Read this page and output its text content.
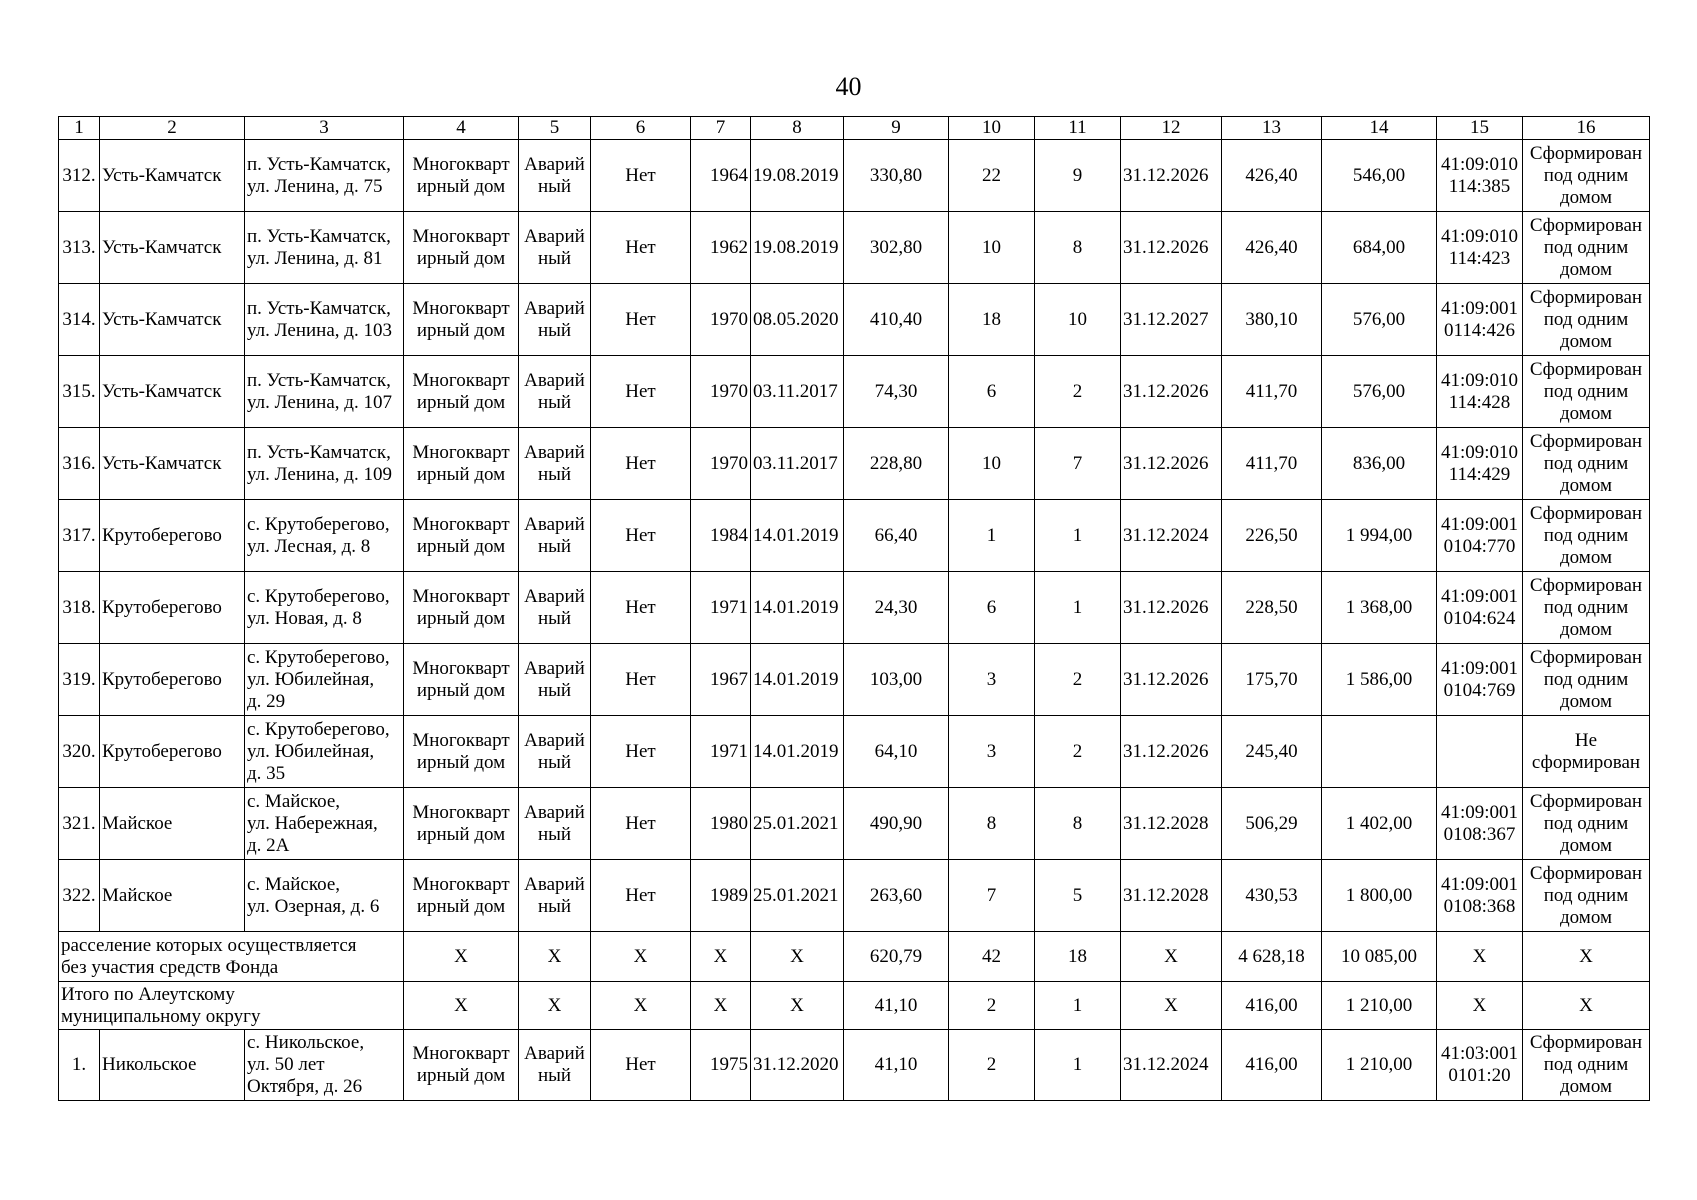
40
1	2	3	4	5	6	7	8	9	10	11	12	13	14	15	16
312.	Усть-Камчатск	п. Усть-Камчатск,
ул. Ленина, д. 75	Многокварт
ирный дом	Аварий
ный	Нет	1964	19.08.2019	330,80	22	9	31.12.2026	426,40	546,00	41:09:010
114:385	Сформирован
под одним
домом
313.	Усть-Камчатск	п. Усть-Камчатск,
ул. Ленина, д. 81	Многокварт
ирный дом	Аварий
ный	Нет	1962	19.08.2019	302,80	10	8	31.12.2026	426,40	684,00	41:09:010
114:423	Сформирован
под одним
домом
314.	Усть-Камчатск	п. Усть-Камчатск,
ул. Ленина, д. 103	Многокварт
ирный дом	Аварий
ный	Нет	1970	08.05.2020	410,40	18	10	31.12.2027	380,10	576,00	41:09:001
0114:426	Сформирован
под одним
домом
315.	Усть-Камчатск	п. Усть-Камчатск,
ул. Ленина, д. 107	Многокварт
ирный дом	Аварий
ный	Нет	1970	03.11.2017	74,30	6	2	31.12.2026	411,70	576,00	41:09:010
114:428	Сформирован
под одним
домом
316.	Усть-Камчатск	п. Усть-Камчатск,
ул. Ленина, д. 109	Многокварт
ирный дом	Аварий
ный	Нет	1970	03.11.2017	228,80	10	7	31.12.2026	411,70	836,00	41:09:010
114:429	Сформирован
под одним
домом
317.	Крутоберегово	с. Крутоберегово,
ул. Лесная, д. 8	Многокварт
ирный дом	Аварий
ный	Нет	1984	14.01.2019	66,40	1	1	31.12.2024	226,50	1 994,00	41:09:001
0104:770	Сформирован
под одним
домом
318.	Крутоберегово	с. Крутоберегово,
ул. Новая, д. 8	Многокварт
ирный дом	Аварий
ный	Нет	1971	14.01.2019	24,30	6	1	31.12.2026	228,50	1 368,00	41:09:001
0104:624	Сформирован
под одним
домом
319.	Крутоберегово	с. Крутоберегово,
ул. Юбилейная,
д. 29	Многокварт
ирный дом	Аварий
ный	Нет	1967	14.01.2019	103,00	3	2	31.12.2026	175,70	1 586,00	41:09:001
0104:769	Сформирован
под одним
домом
320.	Крутоберегово	с. Крутоберегово,
ул. Юбилейная,
д. 35	Многокварт
ирный дом	Аварий
ный	Нет	1971	14.01.2019	64,10	3	2	31.12.2026	245,40			Не
сформирован
321.	Майское	с. Майское,
ул. Набережная,
д. 2А	Многокварт
ирный дом	Аварий
ный	Нет	1980	25.01.2021	490,90	8	8	31.12.2028	506,29	1 402,00	41:09:001
0108:367	Сформирован
под одним
домом
322.	Майское	с. Майское,
ул. Озерная, д. 6	Многокварт
ирный дом	Аварий
ный	Нет	1989	25.01.2021	263,60	7	5	31.12.2028	430,53	1 800,00	41:09:001
0108:368	Сформирован
под одним
домом
расселение которых осуществляется
без участия средств Фонда			X	X	X	X	X	620,79	42	18	X	4 628,18	10 085,00	X	X
Итого по Алеутскому
муниципальному округу			X	X	X	X	X	41,10	2	1	X	416,00	1 210,00	X	X
1.	Никольское	с. Никольское,
ул. 50 лет
Октября, д. 26	Многокварт
ирный дом	Аварий
ный	Нет	1975	31.12.2020	41,10	2	1	31.12.2024	416,00	1 210,00	41:03:001
0101:20	Сформирован
под одним
домом
